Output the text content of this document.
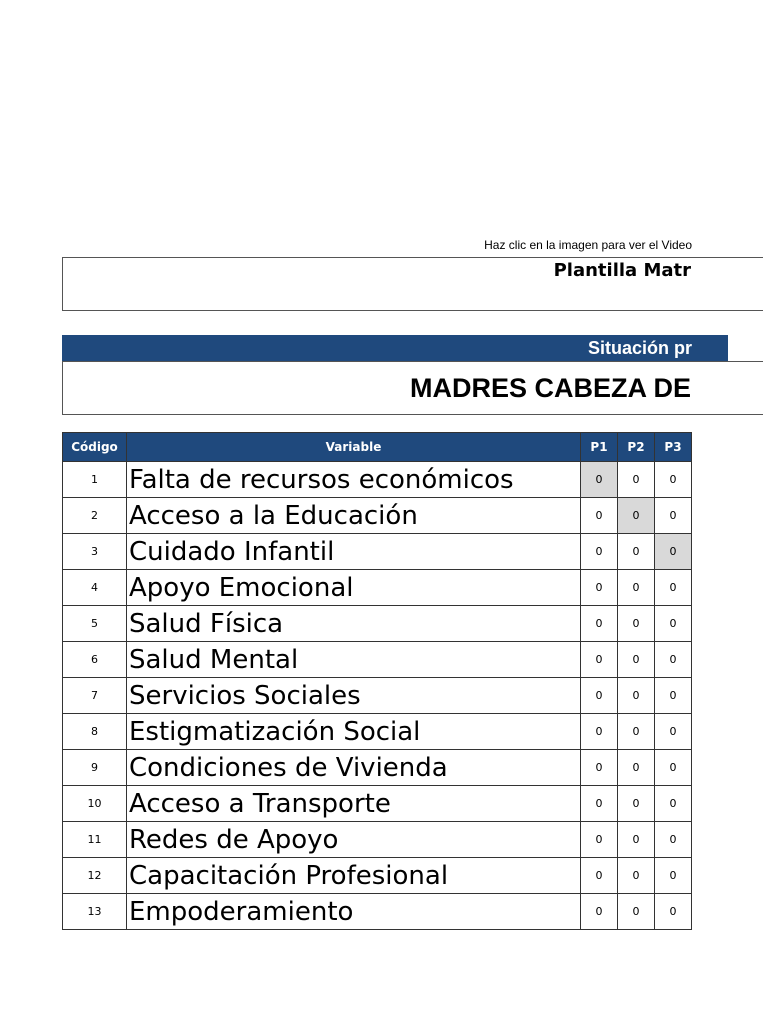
Haz clic en la imagen para ver el Video
Plantilla Matr
Situación pr
MADRES CABEZA DE
Código	Variable	P1	P2	P3
1	Falta de recursos económicos	0	0	0
2	Acceso a la Educación	0	0	0
3	Cuidado Infantil	0	0	0
4	Apoyo Emocional	0	0	0
5	Salud Física	0	0	0
6	Salud Mental	0	0	0
7	Servicios Sociales	0	0	0
8	Estigmatización Social	0	0	0
9	Condiciones de Vivienda	0	0	0
10	Acceso a Transporte	0	0	0
11	Redes de Apoyo	0	0	0
12	Capacitación Profesional	0	0	0
13	Empoderamiento	0	0	0
